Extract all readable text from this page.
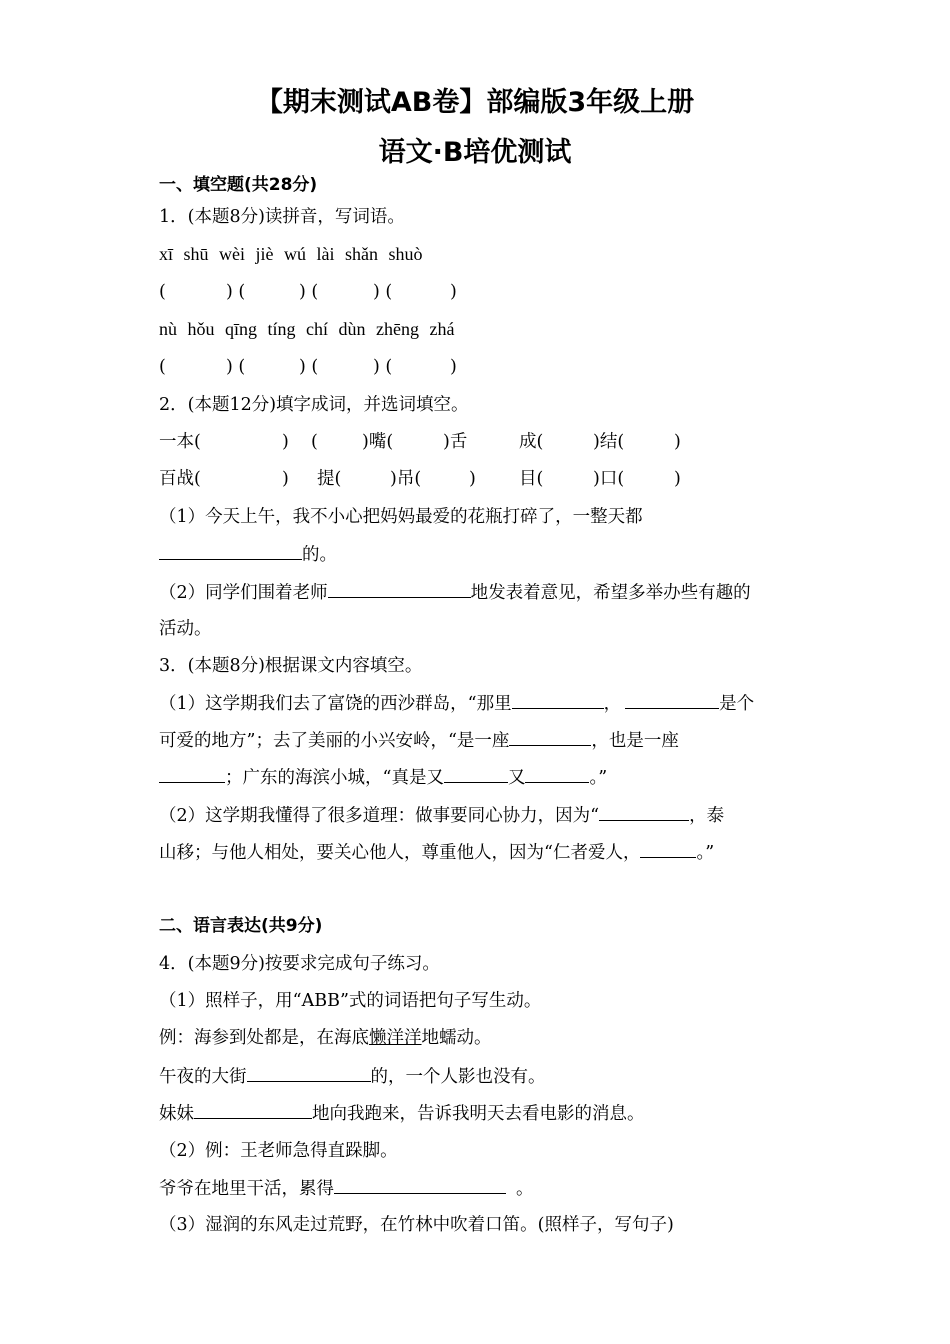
【期末测试AB卷】部编版3年级上册
语文·B培优测试
一、填空题(共28分)
1．(本题8分)读拼音，写词语。
xī shū wèi jiè wú lài shǎn shuò
(	) (	) (	) (	)
nù hǒu qīng tíng chí dùn zhēng zhá
(	) (	) (	) (	)
2．(本题12分)填字成词，并选词填空。
一本(	) (	)嘴(	)舌	成(	)结(	)
百战(	) 提(	)吊(	) 目(	)口(	)
（1）今天上午，我不小心把妈妈最爱的花瓶打碎了，一整天都
的。
（2）同学们围着老师	地发表着意见，希望多举办些有趣的
活动。
3．(本题8分)根据课文内容填空。
（1）这学期我们去了富饶的西沙群岛，“那里	，	是个
可爱的地方”；去了美丽的小兴安岭，“是一座	，也是一座
；广东的海滨小城，“真是又	又	。”
（2）这学期我懂得了很多道理：做事要同心协力，因为“	，泰
山移；与他人相处，要关心他人，尊重他人，因为“仁者爱人，	。”
二、语言表达(共9分)
4．(本题9分)按要求完成句子练习。
（1）照样子，用“ABB”式的词语把句子写生动。
例：海参到处都是，在海底懒洋洋地蠕动。
午夜的大街	的，一个人影也没有。
妹妹	地向我跑来，告诉我明天去看电影的消息。
（2）例：王老师急得直跺脚。
爷爷在地里干活，累得	。
（3）湿润的东风走过荒野，在竹林中吹着口笛。(照样子，写句子)
